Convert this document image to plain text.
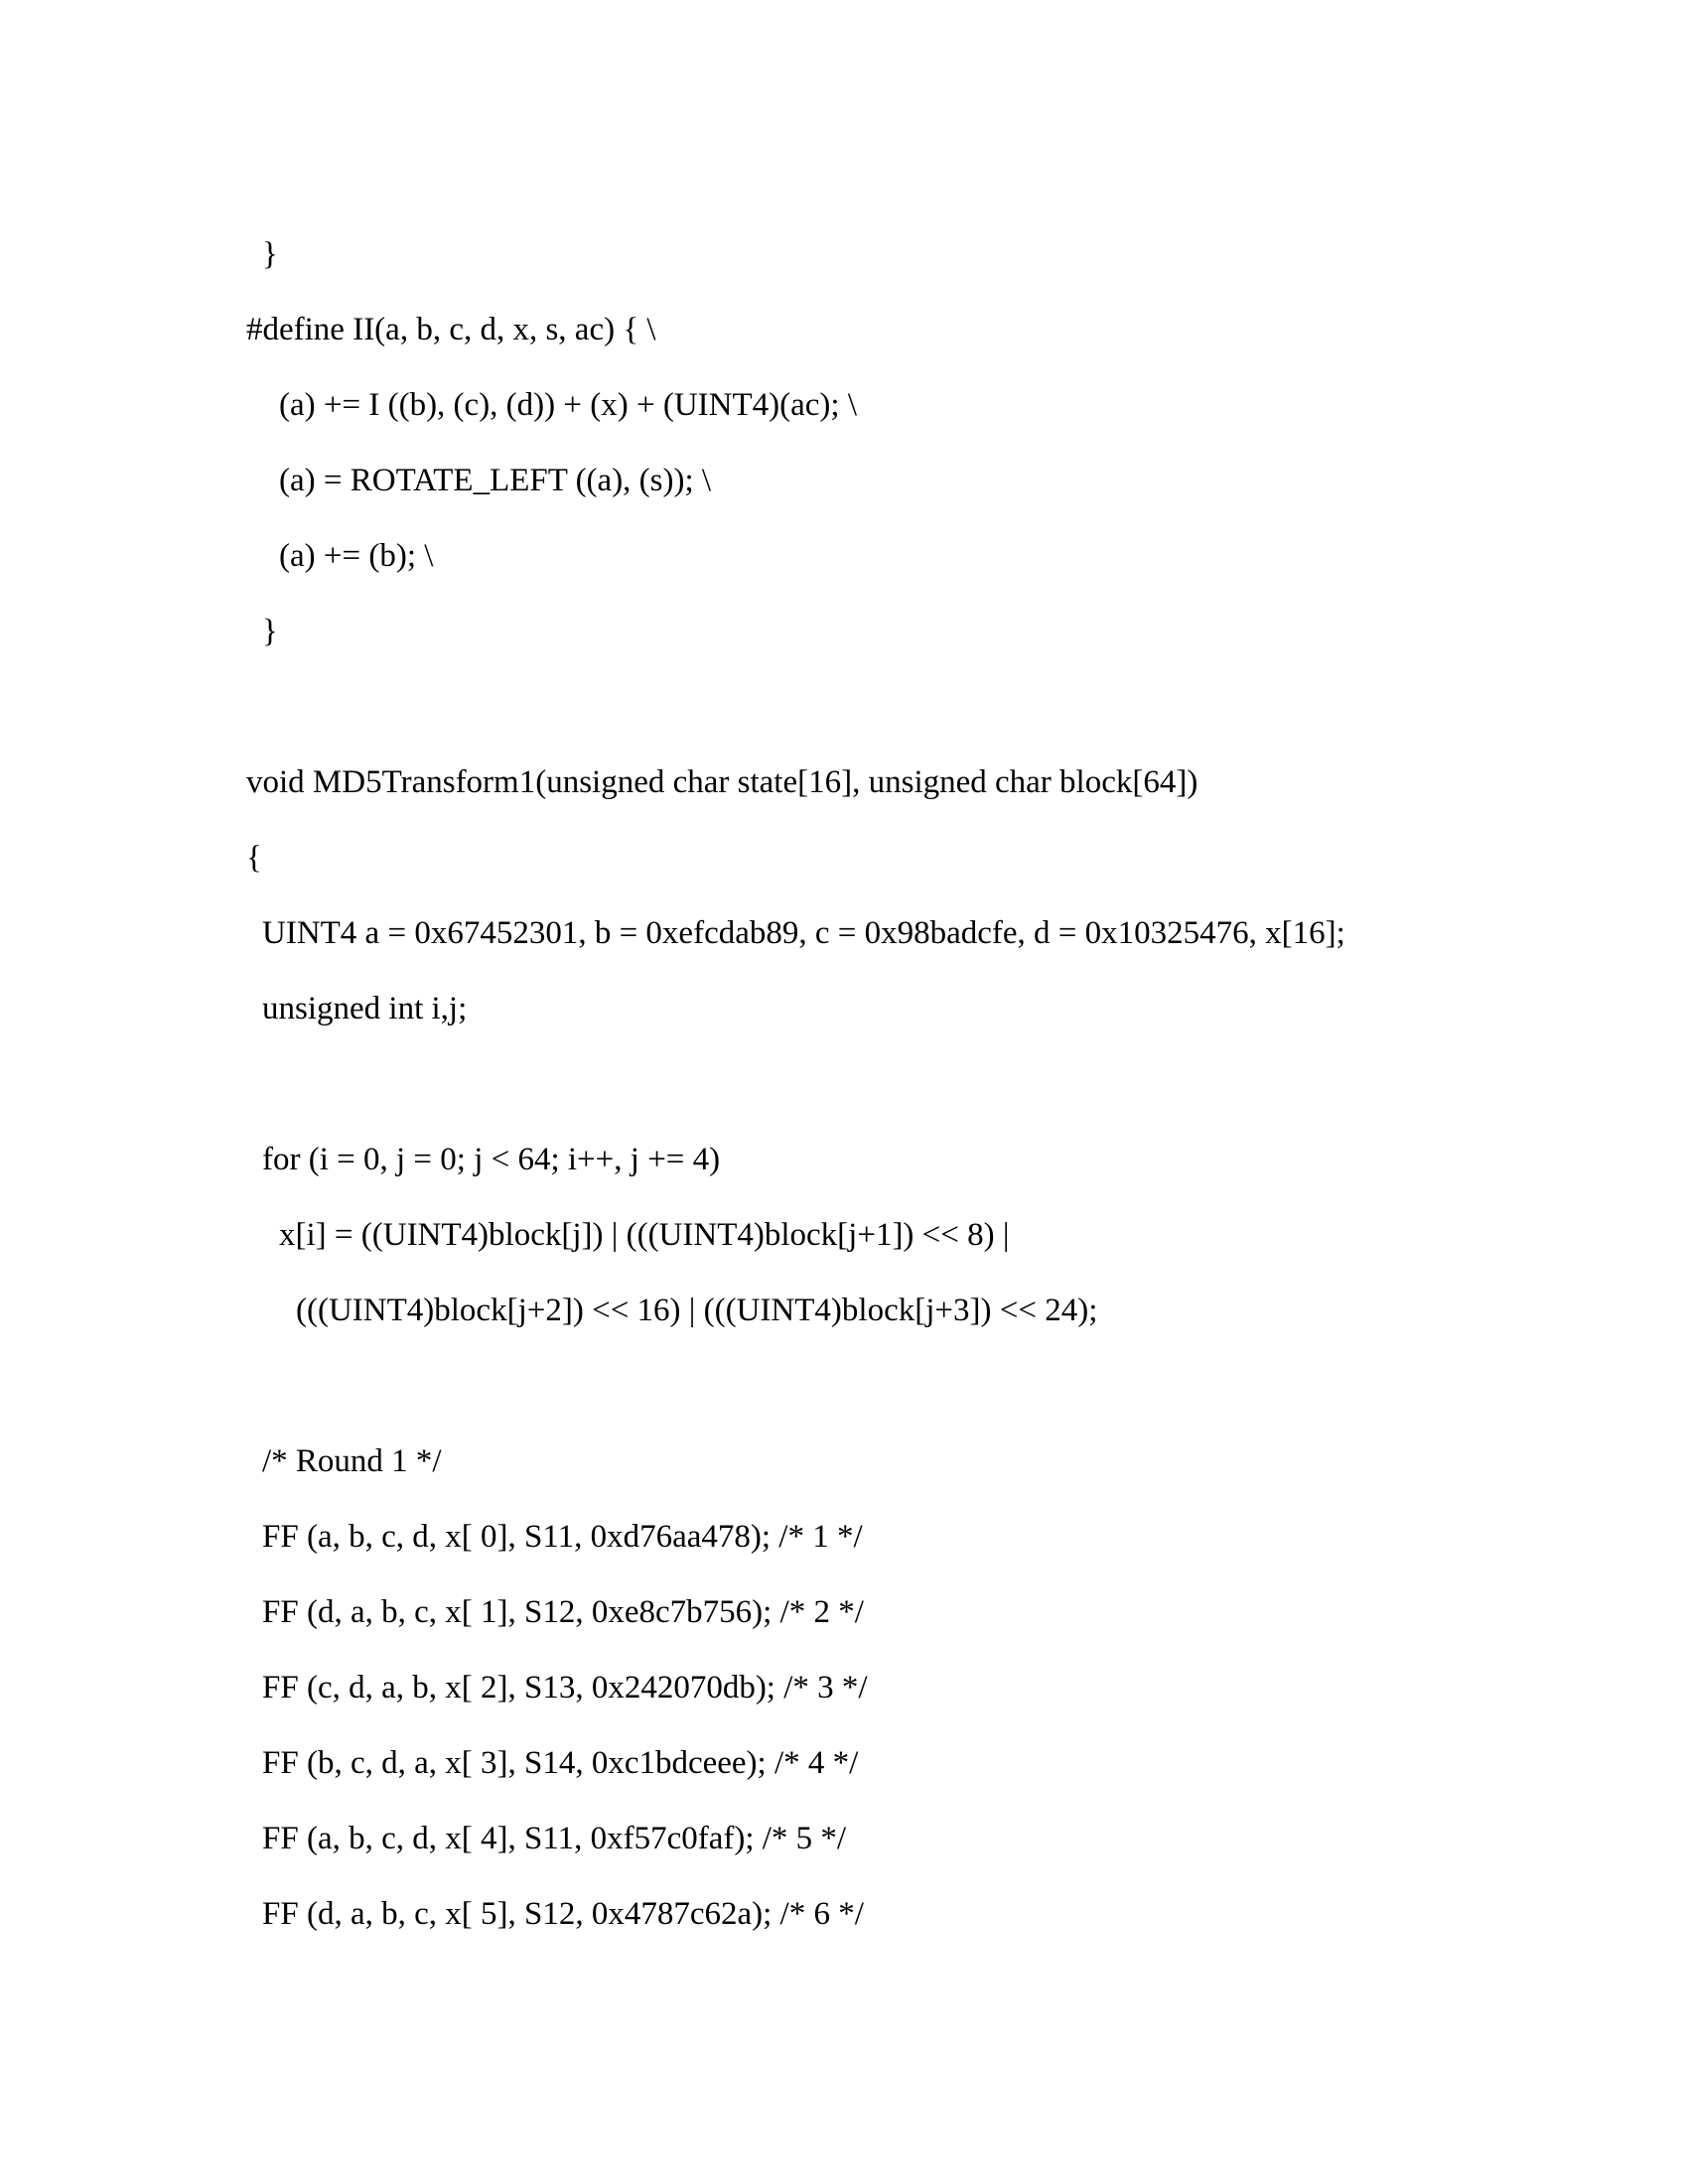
}

#define II(a, b, c, d, x, s, ac) { \

(a) += I ((b), (c), (d)) + (x) + (UINT4)(ac); \

(a) = ROTATE_LEFT ((a), (s)); \

(a) += (b); \

}

void MD5Transform1(unsigned char state[16], unsigned char block[64])

{

UINT4 a = 0x67452301, b = 0xefcdab89, c = 0x98badcfe, d = 0x10325476, x[16];

unsigned int i,j;

for (i = 0, j = 0; j < 64; i++, j += 4)

x[i] = ((UINT4)block[j]) | (((UINT4)block[j+1]) << 8) |

(((UINT4)block[j+2]) << 16) | (((UINT4)block[j+3]) << 24);

/* Round 1 */

FF (a, b, c, d, x[ 0], S11, 0xd76aa478); /* 1 */

FF (d, a, b, c, x[ 1], S12, 0xe8c7b756); /* 2 */

FF (c, d, a, b, x[ 2], S13, 0x242070db); /* 3 */

FF (b, c, d, a, x[ 3], S14, 0xc1bdceee); /* 4 */

FF (a, b, c, d, x[ 4], S11, 0xf57c0faf); /* 5 */

FF (d, a, b, c, x[ 5], S12, 0x4787c62a); /* 6 */
